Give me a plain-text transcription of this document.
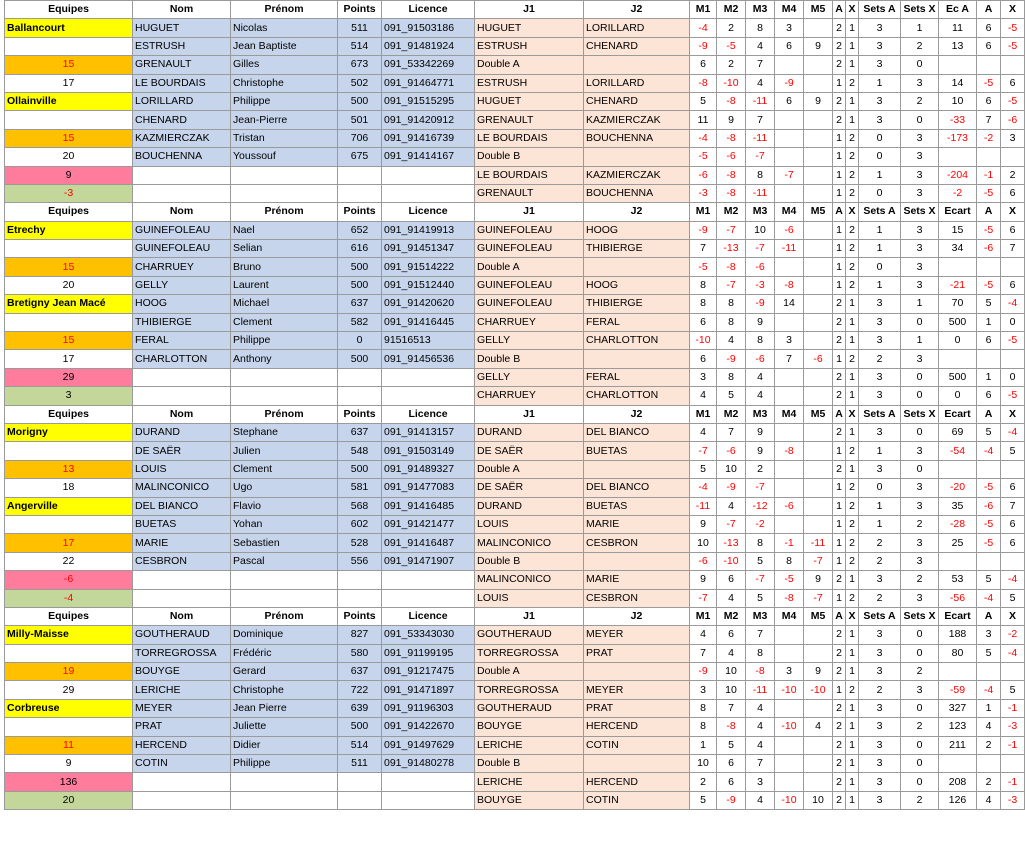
Equipes	Nom	Prénom	Points	Licence	J1	J2	M1	M2	M3	M4	M5	A	X	Sets A	Sets X	Ec A	A	X
Ballancourt	HUGUET	Nicolas	511	091_91503186	HUGUET	LORILLARD	-4	2	8	3		2	1	3	1	11	6	-5
	ESTRUSH	Jean Baptiste	514	091_91481924	ESTRUSH	CHENARD	-9	-5	4	6	9	2	1	3	2	13	6	-5
15	GRENAULT	Gilles	673	091_53342269	Double A		6	2	7			2	1	3	0			
17	LE BOURDAIS	Christophe	502	091_91464771	ESTRUSH	LORILLARD	-8	-10	4	-9		1	2	1	3	14	-5	6
Ollainville	LORILLARD	Philippe	500	091_91515295	HUGUET	CHENARD	5	-8	-11	6	9	2	1	3	2	10	6	-5
	CHENARD	Jean-Pierre	501	091_91420912	GRENAULT	KAZMIERCZAK	11	9	7			2	1	3	0	-33	7	-6
15	KAZMIERCZAK	Tristan	706	091_91416739	LE BOURDAIS	BOUCHENNA	-4	-8	-11			1	2	0	3	-173	-2	3
20	BOUCHENNA	Youssouf	675	091_91414167	Double B		-5	-6	-7			1	2	0	3			
9					LE BOURDAIS	KAZMIERCZAK	-6	-8	8	-7		1	2	1	3	-204	-1	2
-3					GRENAULT	BOUCHENNA	-3	-8	-11			1	2	0	3	-2	-5	6
Equipes	Nom	Prénom	Points	Licence	J1	J2	M1	M2	M3	M4	M5	A	X	Sets A	Sets X	Ecart	A	X
Etrechy	GUINEFOLEAU	Nael	652	091_91419913	GUINEFOLEAU	HOOG	-9	-7	10	-6		1	2	1	3	15	-5	6
	GUINEFOLEAU	Selian	616	091_91451347	GUINEFOLEAU	THIBIERGE	7	-13	-7	-11		1	2	1	3	34	-6	7
15	CHARRUEY	Bruno	500	091_91514222	Double A		-5	-8	-6			1	2	0	3			
20	GELLY	Laurent	500	091_91512440	GUINEFOLEAU	HOOG	8	-7	-3	-8		1	2	1	3	-21	-5	6
Bretigny Jean Macé	HOOG	Michael	637	091_91420620	GUINEFOLEAU	THIBIERGE	8	8	-9	14		2	1	3	1	70	5	-4
	THIBIERGE	Clement	582	091_91416445	CHARRUEY	FERAL	6	8	9			2	1	3	0	500	1	0
15	FERAL	Philippe	0	91516513	GELLY	CHARLOTTON	-10	4	8	3		2	1	3	1	0	6	-5
17	CHARLOTTON	Anthony	500	091_91456536	Double B		6	-9	-6	7	-6	1	2	2	3			
29					GELLY	FERAL	3	8	4			2	1	3	0	500	1	0
3					CHARRUEY	CHARLOTTON	4	5	4			2	1	3	0	0	6	-5
Equipes	Nom	Prénom	Points	Licence	J1	J2	M1	M2	M3	M4	M5	A	X	Sets A	Sets X	Ecart	A	X
Morigny	DURAND	Stephane	637	091_91413157	DURAND	DEL BIANCO	4	7	9			2	1	3	0	69	5	-4
	DE SAËR	Julien	548	091_91503149	DE SAËR	BUETAS	-7	-6	9	-8		1	2	1	3	-54	-4	5
13	LOUIS	Clement	500	091_91489327	Double A		5	10	2			2	1	3	0			
18	MALINCONICO	Ugo	581	091_91477083	DE SAËR	DEL BIANCO	-4	-9	-7			1	2	0	3	-20	-5	6
Angerville	DEL BIANCO	Flavio	568	091_91416485	DURAND	BUETAS	-11	4	-12	-6		1	2	1	3	35	-6	7
	BUETAS	Yohan	602	091_91421477	LOUIS	MARIE	9	-7	-2			1	2	1	2	-28	-5	6
17	MARIE	Sebastien	528	091_91416487	MALINCONICO	CESBRON	10	-13	8	-1	-11	1	2	2	3	25	-5	6
22	CESBRON	Pascal	556	091_91471907	Double B		-6	-10	5	8	-7	1	2	2	3			
-6					MALINCONICO	MARIE	9	6	-7	-5	9	2	1	3	2	53	5	-4
-4					LOUIS	CESBRON	-7	4	5	-8	-7	1	2	2	3	-56	-4	5
Equipes	Nom	Prénom	Points	Licence	J1	J2	M1	M2	M3	M4	M5	A	X	Sets A	Sets X	Ecart	A	X
Milly-Maisse	GOUTHERAUD	Dominique	827	091_53343030	GOUTHERAUD	MEYER	4	6	7			2	1	3	0	188	3	-2
	TORREGROSSA	Frédéric	580	091_91199195	TORREGROSSA	PRAT	7	4	8			2	1	3	0	80	5	-4
19	BOUYGE	Gerard	637	091_91217475	Double A		-9	10	-8	3	9	2	1	3	2			
29	LERICHE	Christophe	722	091_91471897	TORREGROSSA	MEYER	3	10	-11	-10	-10	1	2	2	3	-59	-4	5
Corbreuse	MEYER	Jean Pierre	639	091_91196303	GOUTHERAUD	PRAT	8	7	4			2	1	3	0	327	1	-1
	PRAT	Juliette	500	091_91422670	BOUYGE	HERCEND	8	-8	4	-10	4	2	1	3	2	123	4	-3
11	HERCEND	Didier	514	091_91497629	LERICHE	COTIN	1	5	4			2	1	3	0	211	2	-1
9	COTIN	Philippe	511	091_91480278	Double B		10	6	7			2	1	3	0			
136					LERICHE	HERCEND	2	6	3			2	1	3	0	208	2	-1
20					BOUYGE	COTIN	5	-9	4	-10	10	2	1	3	2	126	4	-3
